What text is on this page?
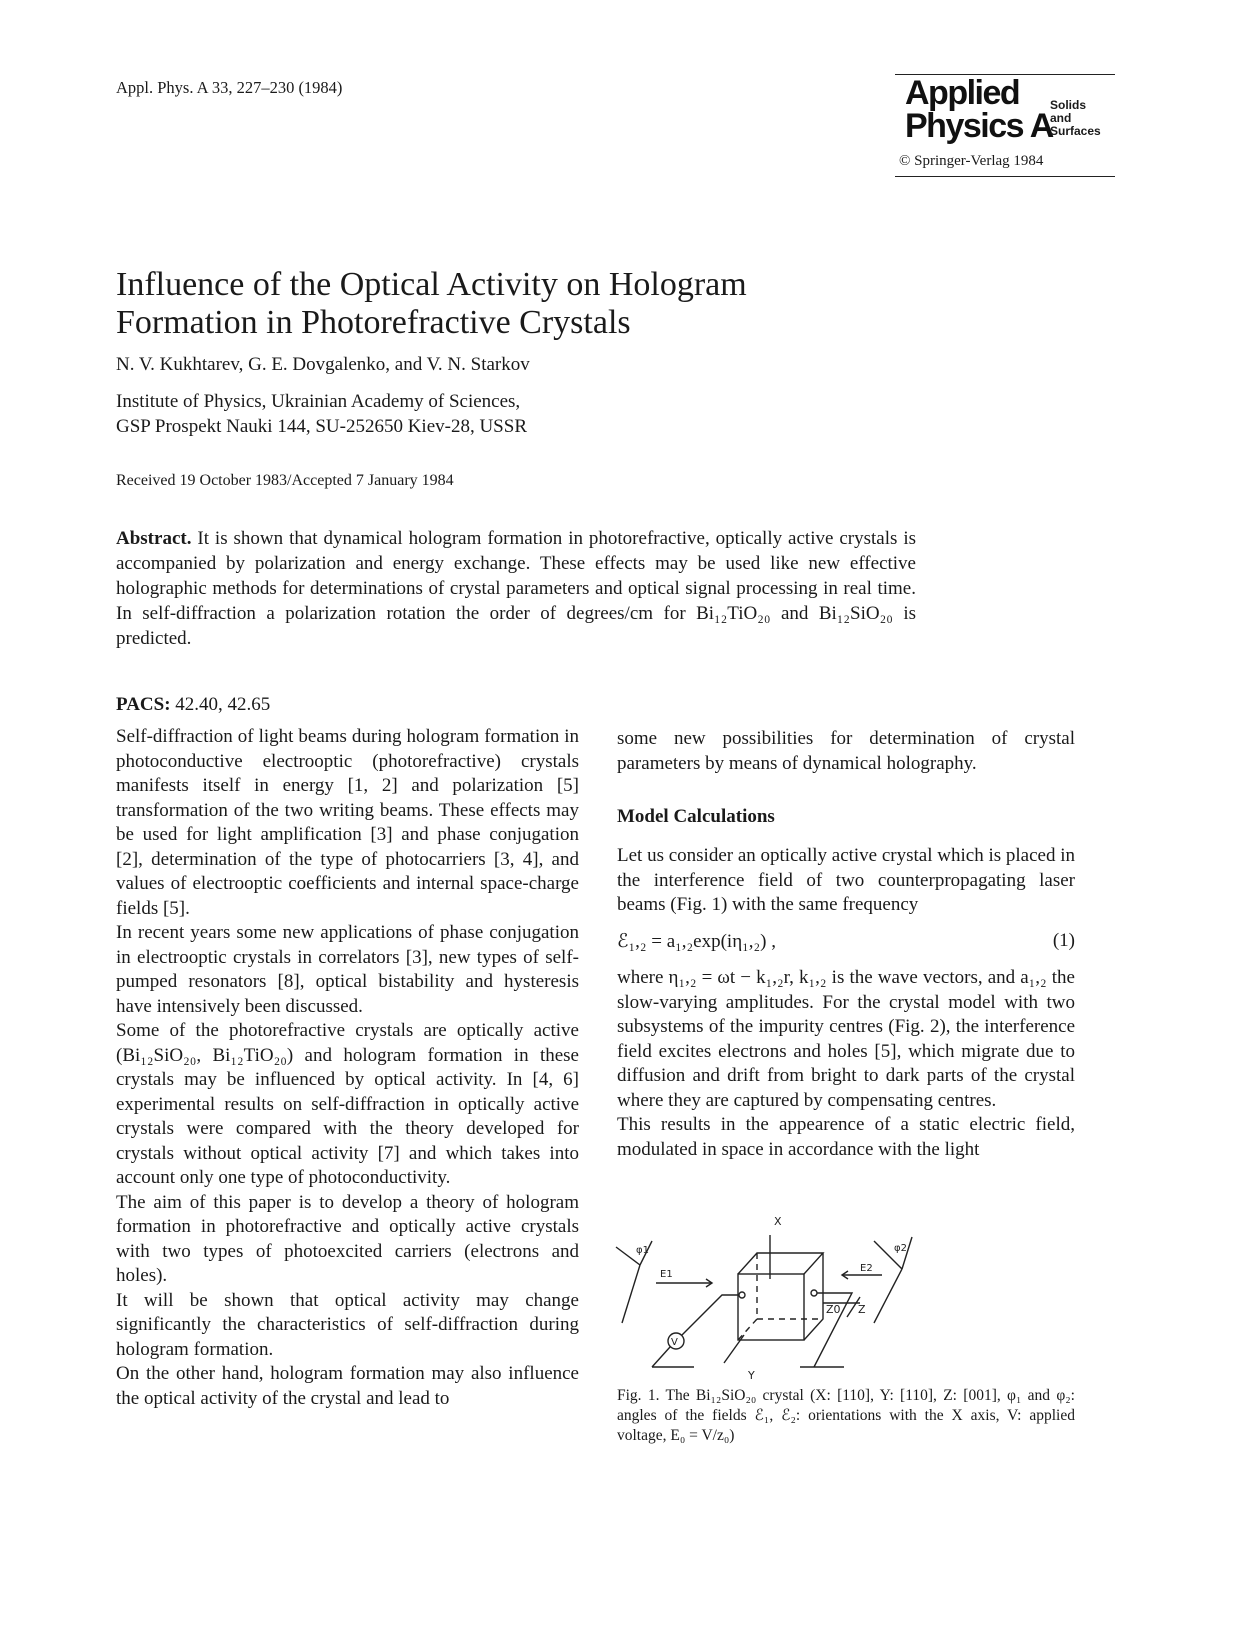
Appl. Phys. A 33, 227–230 (1984)	Applied
Physics A
Solids
and
Surfaces
© Springer-Verlag 1984
Influence of the Optical Activity on Hologram
Formation in Photorefractive Crystals
N. V. Kukhtarev, G. E. Dovgalenko, and V. N. Starkov
Institute of Physics, Ukrainian Academy of Sciences,
GSP Prospekt Nauki 144, SU-252650 Kiev-28, USSR
Received 19 October 1983/Accepted 7 January 1984
Abstract. It is shown that dynamical hologram formation in photorefractive, optically active crystals is accompanied by polarization and energy exchange. These effects may be used like new effective holographic methods for determinations of crystal parameters and optical signal processing in real time. In self-diffraction a polarization rotation the order of degrees/cm for Bi₁₂TiO₂₀ and Bi₁₂SiO₂₀ is predicted.
PACS: 42.40, 42.65

Self-diffraction of light beams during hologram formation in photoconductive electrooptic (photorefractive) crystals manifests itself in energy [1, 2] and polarization [5] transformation of the two writing beams. These effects may be used for light amplification [3] and phase conjugation [2], determination of the type of photocarriers [3, 4], and values of electrooptic coefficients and internal space-charge fields [5].

In recent years some new applications of phase conjugation in electrooptic crystals in correlators [3], new types of self-pumped resonators [8], optical bistability and hysteresis have intensively been discussed.

Some of the photorefractive crystals are optically active (Bi₁₂SiO₂₀, Bi₁₂TiO₂₀) and hologram formation in these crystals may be influenced by optical activity. In [4, 6] experimental results on self-diffraction in optically active crystals were compared with the theory developed for crystals without optical activity [7] and which takes into account only one type of photoconductivity.

The aim of this paper is to develop a theory of hologram formation in photorefractive and optically active crystals with two types of photoexcited carriers (electrons and holes).

It will be shown that optical activity may change significantly the characteristics of self-diffraction during hologram formation.

On the other hand, hologram formation may also influence the optical activity of the crystal and lead to

some new possibilities for determination of crystal parameters by means of dynamical holography.

Model Calculations

Let us consider an optically active crystal which is placed in the interference field of two counterpropagating laser beams (Fig. 1) with the same frequency

ℰ₁,₂ = a₁,₂exp(iη₁,₂) ,	(1)

where η₁,₂ = ωt − k₁,₂r, k₁,₂ is the wave vectors, and a₁,₂ the slow-varying amplitudes. For the crystal model with two subsystems of the impurity centres (Fig. 2), the interference field excites electrons and holes [5], which migrate due to diffusion and drift from bright to dark parts of the crystal where they are captured by compensating centres.

This results in the appearence of a static electric field, modulated in space in accordance with the light

X
Y
Z
Z0
V
E1
E2
φ1	φ2
Fig. 1. The Bi₁₂SiO₂₀ crystal (X: [110], Y: [110], Z: [001], φ₁ and φ₂: angles of the fields ℰ₁, ℰ₂: orientations with the X axis, V: applied voltage, E₀ = V/z₀)
